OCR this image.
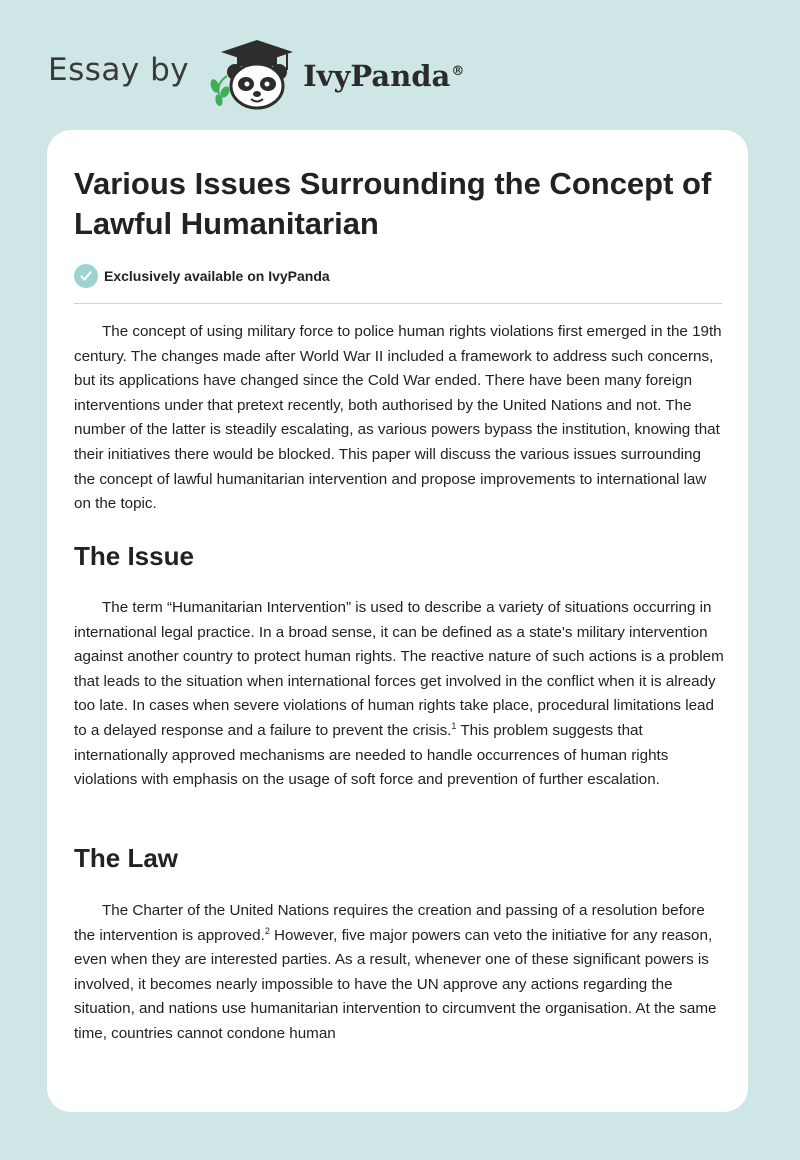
Essay by	IvyPanda®
Various Issues Surrounding the Concept of Lawful Humanitarian
Exclusively available on IvyPanda

The concept of using military force to police human rights violations first emerged in the 19th century. The changes made after World War II included a framework to address such concerns, but its applications have changed since the Cold War ended. There have been many foreign interventions under that pretext recently, both authorised by the United Nations and not. The number of the latter is steadily escalating, as various powers bypass the institution, knowing that their initiatives there would be blocked. This paper will discuss the various issues surrounding the concept of lawful humanitarian intervention and propose improvements to international law on the topic.

The Issue

The term “Humanitarian Intervention” is used to describe a variety of situations occurring in international legal practice. In a broad sense, it can be defined as a state's military intervention against another country to protect human rights. The reactive nature of such actions is a problem that leads to the situation when international forces get involved in the conflict when it is already too late. In cases when severe violations of human rights take place, procedural limitations lead to a delayed response and a failure to prevent the crisis.$^1$ This problem suggests that internationally approved mechanisms are needed to handle occurrences of human rights violations with emphasis on the usage of soft force and prevention of further escalation.

The Law

The Charter of the United Nations requires the creation and passing of a resolution before the intervention is approved.$^2$ However, five major powers can veto the initiative for any reason, even when they are interested parties. As a result, whenever one of these significant powers is involved, it becomes nearly impossible to have the UN approve any actions regarding the situation, and nations use humanitarian intervention to circumvent the organisation. At the same time, countries cannot condone human
